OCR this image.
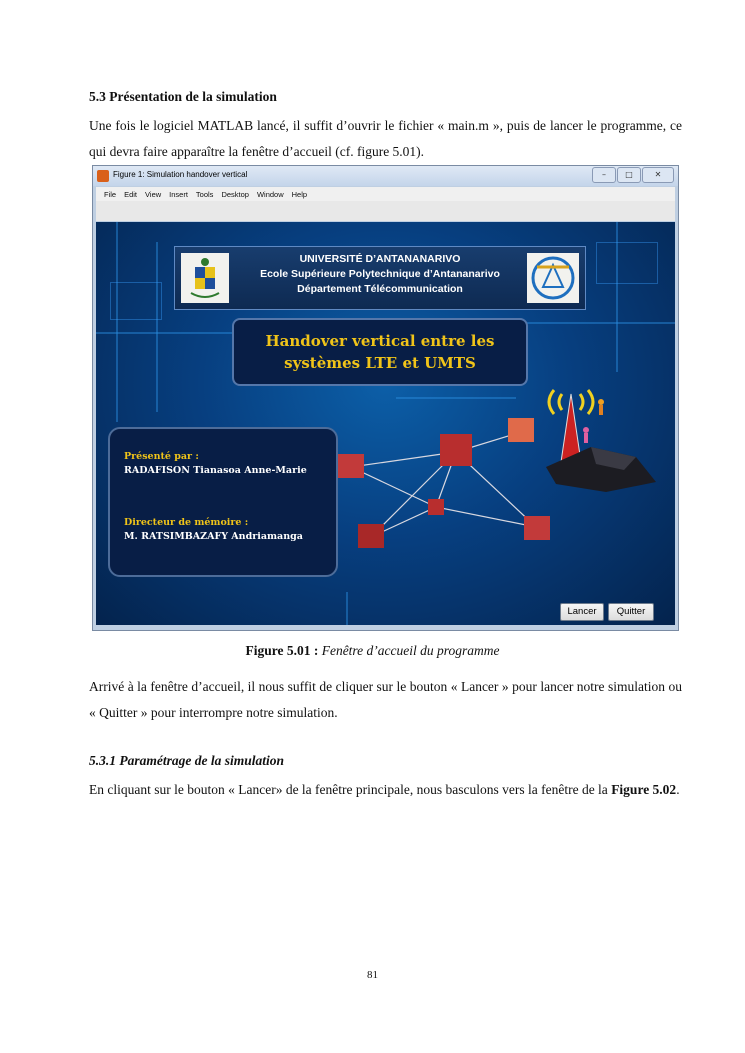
5.3 Présentation de la simulation
Une fois le logiciel MATLAB lancé, il suffit d’ouvrir le fichier « main.m », puis de lancer le programme, ce qui devra faire apparaître la fenêtre d’accueil (cf. figure 5.01).
Figure 1: Simulation handover vertical	–	□	✕
File Edit View Insert Tools Desktop Window Help
UNIVERSITÉ D’ANTANANARIVO
Ecole Supérieure Polytechnique d’Antananarivo
Département Télécommunication
Handover vertical entre les
systèmes LTE et UMTS
Présenté par :
RADAFISON Tianasoa Anne-Marie
Directeur de mémoire :
M. RATSIMBAZAFY Andriamanga
Lancer	Quitter
Figure 5.01 : Fenêtre d’accueil du programme
Arrivé à la fenêtre d’accueil, il nous suffit de cliquer sur le bouton « Lancer » pour lancer notre simulation ou « Quitter » pour interrompre notre simulation.
5.3.1 Paramétrage de la simulation
En cliquant sur le bouton « Lancer» de la fenêtre principale, nous basculons vers la fenêtre de la Figure 5.02.
81
